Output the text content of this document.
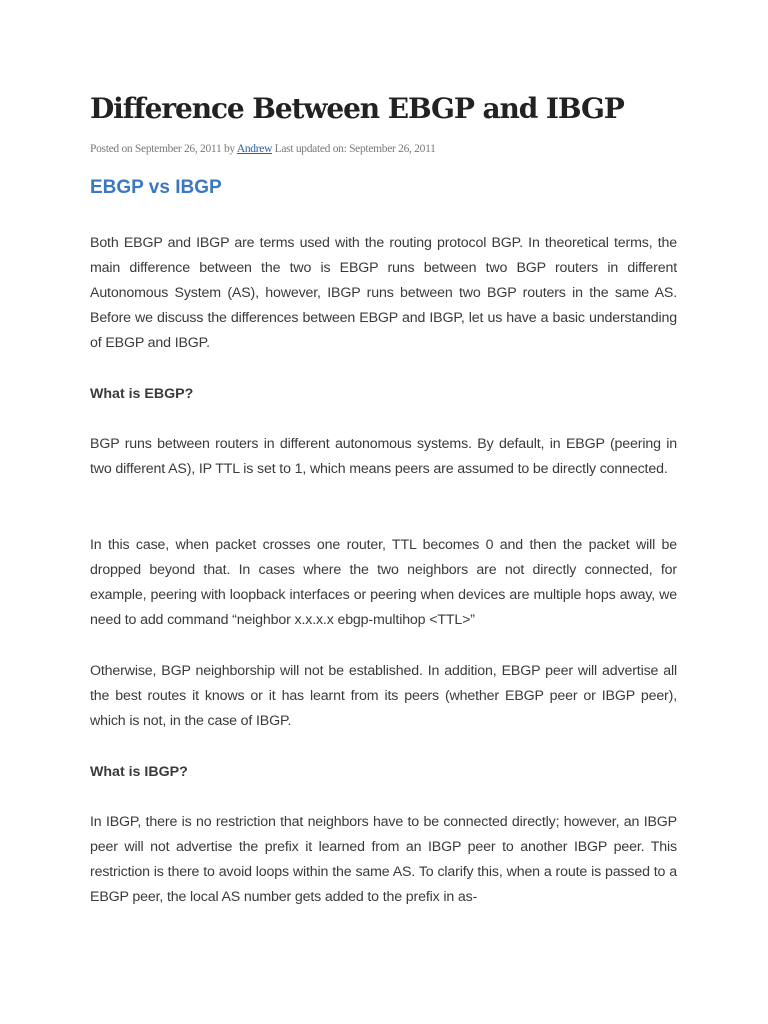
Difference Between EBGP and IBGP
Posted on September 26, 2011 by Andrew Last updated on: September 26, 2011
EBGP vs IBGP

Both EBGP and IBGP are terms used with the routing protocol BGP. In theoretical terms, the main difference between the two is EBGP runs between two BGP routers in different Autonomous System (AS), however, IBGP runs between two BGP routers in the same AS. Before we discuss the differences between EBGP and IBGP, let us have a basic understanding of EBGP and IBGP.

What is EBGP?

BGP runs between routers in different autonomous systems. By default, in EBGP (peering in two different AS), IP TTL is set to 1, which means peers are assumed to be directly connected.

In this case, when packet crosses one router, TTL becomes 0 and then the packet will be dropped beyond that. In cases where the two neighbors are not directly connected, for example, peering with loopback interfaces or peering when devices are multiple hops away, we need to add command “neighbor x.x.x.x ebgp-multihop <TTL>”

Otherwise, BGP neighborship will not be established. In addition, EBGP peer will advertise all the best routes it knows or it has learnt from its peers (whether EBGP peer or IBGP peer), which is not, in the case of IBGP.

What is IBGP?

In IBGP, there is no restriction that neighbors have to be connected directly; however, an IBGP peer will not advertise the prefix it learned from an IBGP peer to another IBGP peer. This restriction is there to avoid loops within the same AS. To clarify this, when a route is passed to a EBGP peer, the local AS number gets added to the prefix in as-
